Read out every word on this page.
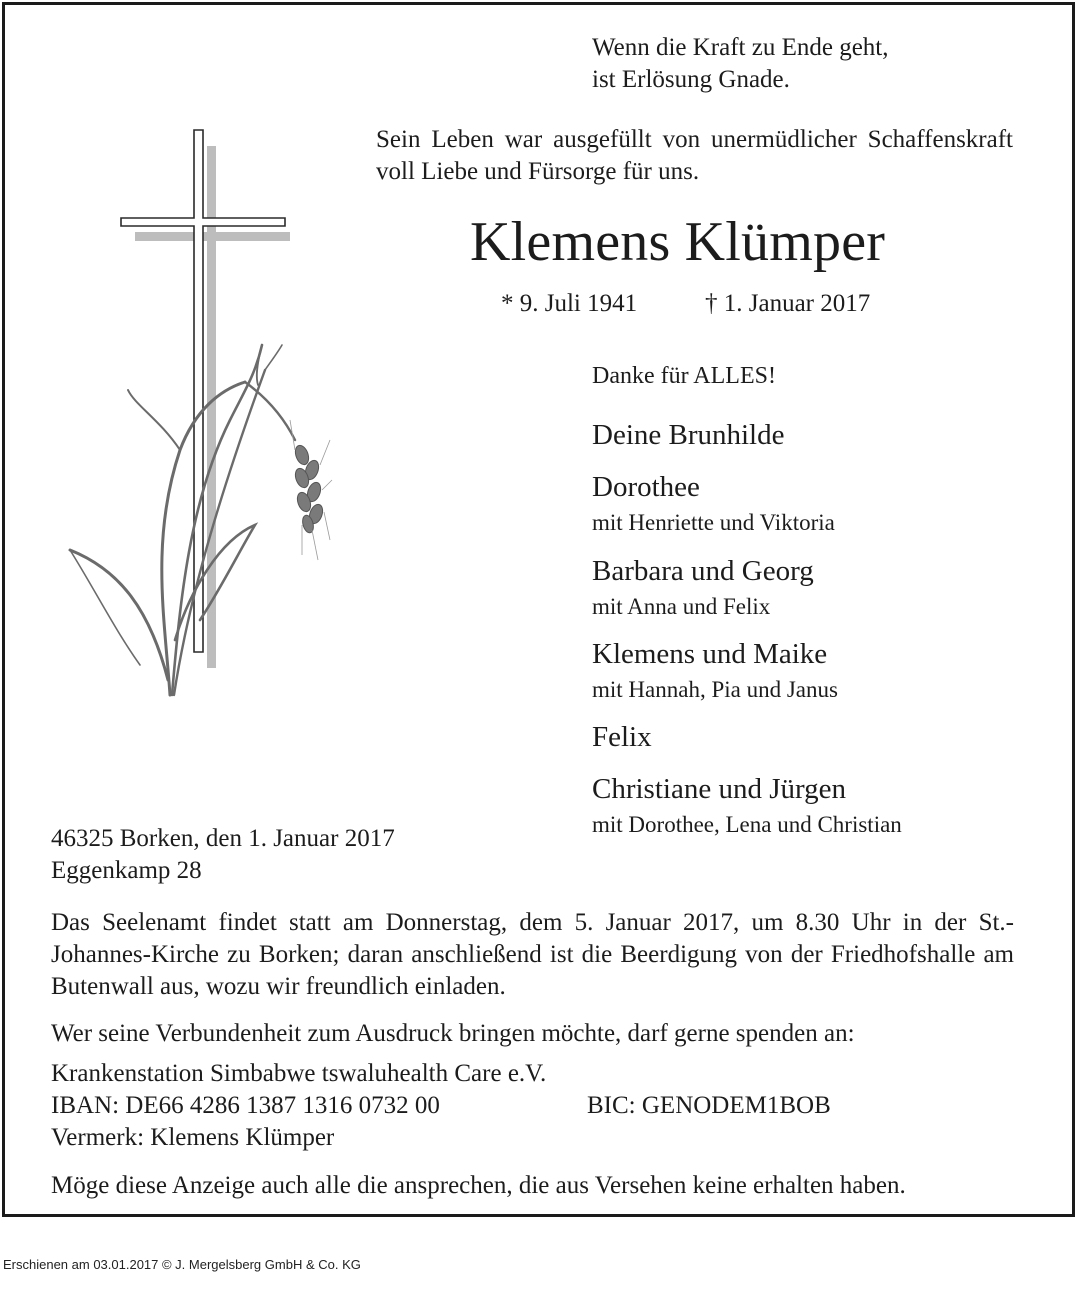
Wenn die Kraft zu Ende geht,
ist Erlösung Gnade.
Sein Leben war ausgefüllt von unermüdlicher Schaffenskraft voll Liebe und Fürsorge für uns.
Klemens Klümper
* 9. Juli 1941	† 1. Januar 2017
Danke für ALLES!
Deine Brunhilde
Dorothee
mit Henriette und Viktoria
Barbara und Georg
mit Anna und Felix
Klemens und Maike
mit Hannah, Pia und Janus
Felix
Christiane und Jürgen
mit Dorothee, Lena und Christian
46325 Borken, den 1. Januar 2017
Eggenkamp 28
Das Seelenamt findet statt am Donnerstag, dem 5. Januar 2017, um 8.30 Uhr in der St.-Johannes-Kirche zu Borken; daran anschließend ist die Beerdigung von der Friedhofshalle am Butenwall aus, wozu wir freundlich einladen.
Wer seine Verbundenheit zum Ausdruck bringen möchte, darf gerne spenden an:
Krankenstation Simbabwe tswaluhealth Care e.V.
IBAN: DE66 4286 1387 1316 0732 00	BIC: GENODEM1BOB
Vermerk: Klemens Klümper
Möge diese Anzeige auch alle die ansprechen, die aus Versehen keine erhalten haben.
Erschienen am 03.01.2017 © J. Mergelsberg GmbH & Co. KG
